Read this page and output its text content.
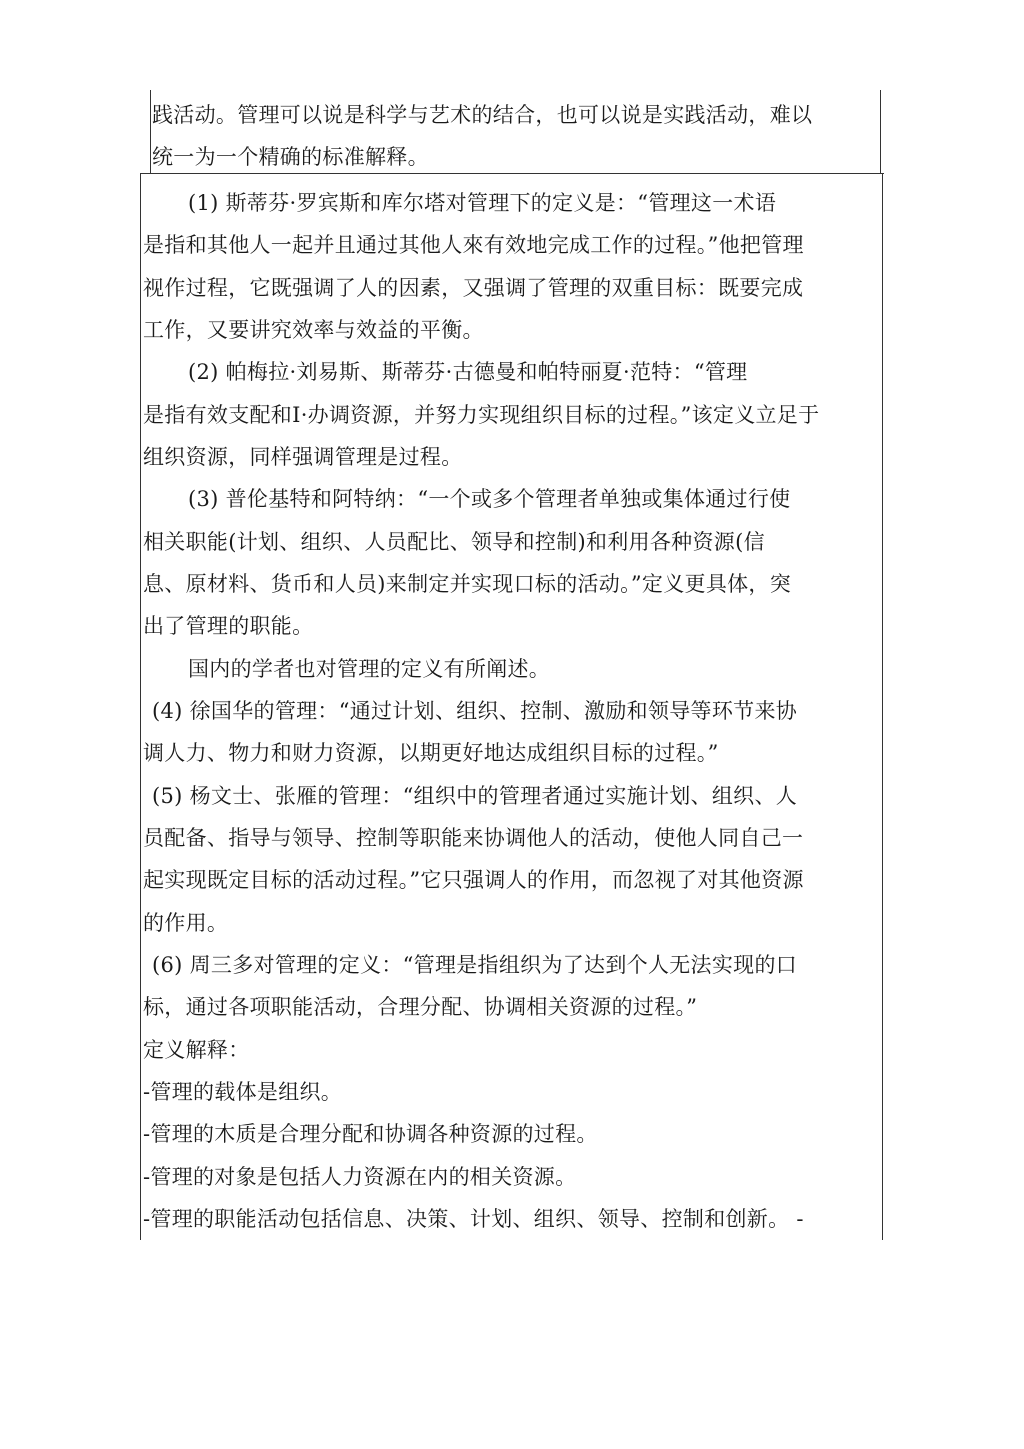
践活动。管理可以说是科学与艺术的结合，也可以说是实践活动，难以
统一为一个精确的标准解释。
(1) 斯蒂芬·罗宾斯和库尔塔对管理下的定义是：“管理这一术语
是指和其他人一起并且通过其他人來有效地完成工作的过程。”他把管理
视作过程，它既强调了人的因素，又强调了管理的双重目标：既要完成
工作，又要讲究效率与效益的平衡。
(2) 帕梅拉·刘易斯、斯蒂芬·古德曼和帕特丽夏·范特：“管理
是指有效支配和I·办调资源，并努力实现组织目标的过程。”该定义立足于
组织资源，同样强调管理是过程。
(3) 普伦基特和阿特纳：“一个或多个管理者单独或集体通过行使
相关职能(计划、组织、人员配比、领导和控制)和利用各种资源(信
息、原材料、货币和人员)来制定并实现口标的活动。”定义更具体，突
出了管理的职能。
国内的学者也对管理的定义有所阐述。
(4) 徐国华的管理：“通过计划、组织、控制、激励和领导等环节来协
调人力、物力和财力资源，以期更好地达成组织目标的过程。”
(5) 杨文士、张雁的管理：“组织中的管理者通过实施计划、组织、人
员配备、指导与领导、控制等职能来协调他人的活动，使他人同自己一
起实现既定目标的活动过程。”它只强调人的作用，而忽视了对其他资源
的作用。
(6) 周三多对管理的定义：“管理是指组织为了达到个人无法实现的口
标，通过各项职能活动，合理分配、协调相关资源的过程。”
定义解释：
-管理的载体是组织。
-管理的木质是合理分配和协调各种资源的过程。
-管理的对象是包括人力资源在内的相关资源。
-管理的职能活动包括信息、决策、计划、组织、领导、控制和创新。 -
